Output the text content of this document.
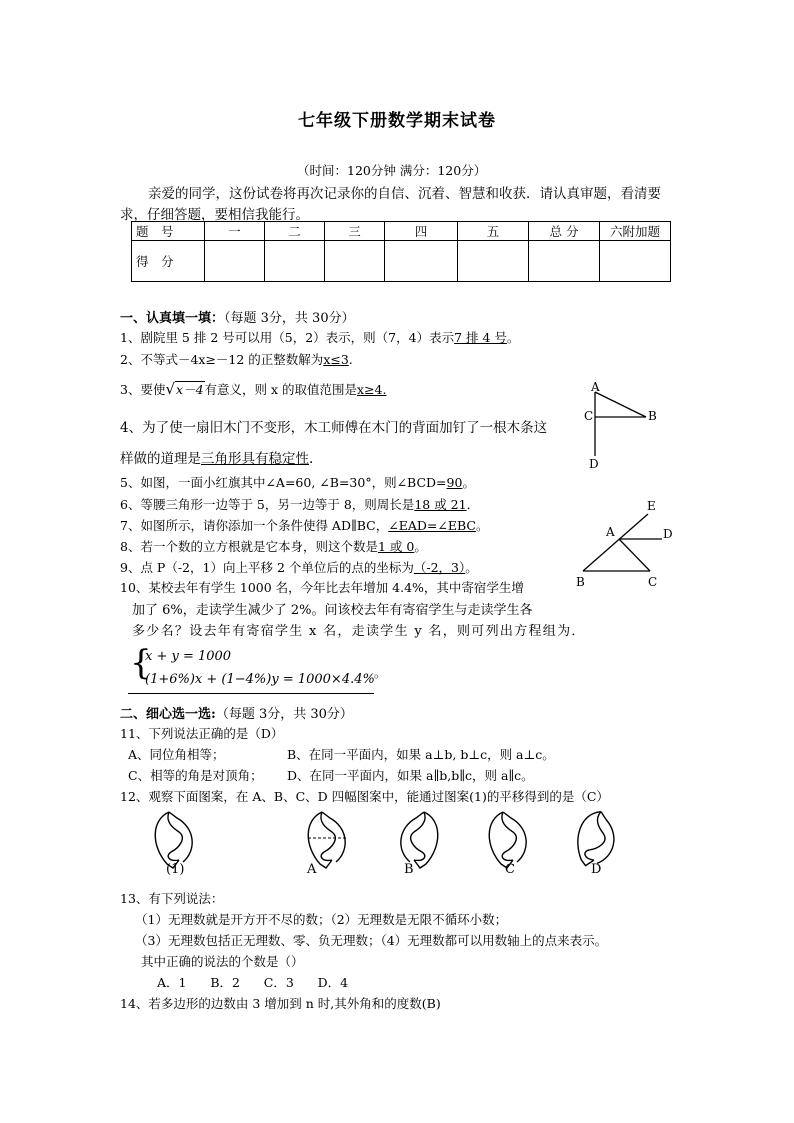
七年级下册数学期末试卷
（时间：120分钟 满分：120分）
亲爱的同学，这份试卷将再次记录你的自信、沉着、智慧和收获．请认真审题，看清要
求，仔细答题，要相信我能行。
题　号	一	二	三	四	五	总 分	六附加题
得　分							
一、认真填一填：（每题 3分，共 30分）
1、剧院里 5 排 2 号可以用（5，2）表示，则（7，4）表示7 排 4 号。
2、不等式－4x≥－12 的正整数解为x≤3.
3、要使√x－4有意义，则 x 的取值范围是x≥4.
4、为了使一扇旧木门不变形，木工师傅在木门的背面加钉了一根木条这
样做的道理是三角形具有稳定性.
5、如图，一面小红旗其中∠A=60, ∠B=30°，则∠BCD=90。
6、等腰三角形一边等于 5，另一边等于 8，则周长是18 或 21．
7、如图所示，请你添加一个条件使得 AD∥BC，∠EAD=∠EBC。
8、若一个数的立方根就是它本身，则这个数是1 或 0。
9、点 P（-2，1）向上平移 2 个单位后的点的坐标为（-2，3）。
10、某校去年有学生 1000 名，今年比去年增加 4.4%，其中寄宿学生增
加了 6%，走读学生减少了 2%。问该校去年有寄宿学生与走读学生各
多少名？设去年有寄宿学生 x 名，走读学生 y 名，则可列出方程组为．
{
x + y = 1000
(1+6%)x + (1−4%)y = 1000×4.4% 。
二、细心选一选:（每题 3分，共 30分）
11、下列说法正确的是（D）
A、同位角相等；	B、在同一平面内，如果 a⊥b, b⊥c，则 a⊥c。
C、相等的角是对顶角； D、在同一平面内，如果 a∥b,b∥c，则 a∥c。
12、观察下面图案，在 A、B、C、D 四幅图案中，能通过图案(1)的平移得到的是（C）
(1)	A	B	C	D
13、有下列说法：
（1）无理数就是开方开不尽的数；（2）无理数是无限不循环小数；
（3）无理数包括正无理数、零、负无理数；（4）无理数都可以用数轴上的点来表示。
其中正确的说法的个数是（）
A．1      B．2      C．3      D．4
14、若多边形的边数由 3 增加到 n 时,其外角和的度数(B)
A
C	B
D
E
A	D
B	C
